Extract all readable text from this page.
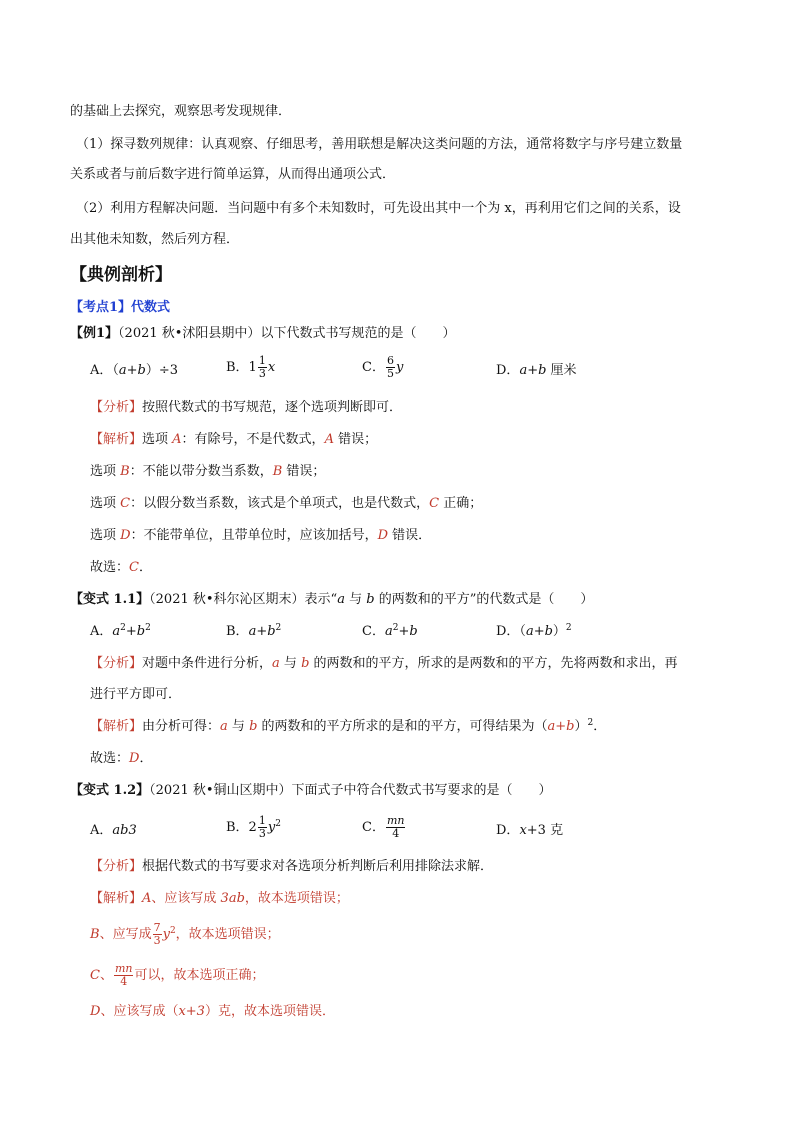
的基础上去探究，观察思考发现规律．
（1）探寻数列规律：认真观察、仔细思考，善用联想是解决这类问题的方法，通常将数字与序号建立数量
关系或者与前后数字进行简单运算，从而得出通项公式．
（2）利用方程解决问题．当问题中有多个未知数时，可先设出其中一个为 x，再利用它们之间的关系，设
出其他未知数，然后列方程．
【典例剖析】
【考点1】代数式
【例1】（2021 秋•沭阳县期中）以下代数式书写规范的是（　　）
A．（a+b）÷3	B．$1 \frac{1}{3}$ x	C． $\frac{6}{5}$ y	D．a+b 厘米
【分析】按照代数式的书写规范，逐个选项判断即可．
【解析】选项 A：有除号，不是代数式，A 错误；
选项 B：不能以带分数当系数，B 错误；
选项 C：以假分数当系数，该式是个单项式，也是代数式，C 正确；
选项 D：不能带单位，且带单位时，应该加括号，D 错误．
故选：C．
【变式 1.1】（2021 秋•科尔沁区期末）表示“a 与 b 的两数和的平方”的代数式是（　　）
A．$a^2+b^2$	B．$a+b^2$	C．$a^2+b$	D．$(a+b)^2$
【分析】对题中条件进行分析，a 与 b 的两数和的平方，所求的是两数和的平方，先将两数和求出，再
进行平方即可．
【解析】由分析可得：a 与 b 的两数和的平方所求的是和的平方，可得结果为$(a+b)^2$．
故选：D．
【变式 1.2】（2021 秋•铜山区期中）下面式子中符合代数式书写要求的是（　　）
A．ab3	B．$2 \frac{1}{3} y^2$	C． $\frac{mn}{4}$	D．x+3 克
【分析】根据代数式的书写要求对各选项分析判断后利用排除法求解．
【解析】A、应该写成 3ab，故本选项错误；
B、应写成 $\frac{7}{3} y^2$，故本选项错误；
C、 $\frac{mn}{4}$ 可以，故本选项正确；
D、应该写成（x+3）克，故本选项错误．
